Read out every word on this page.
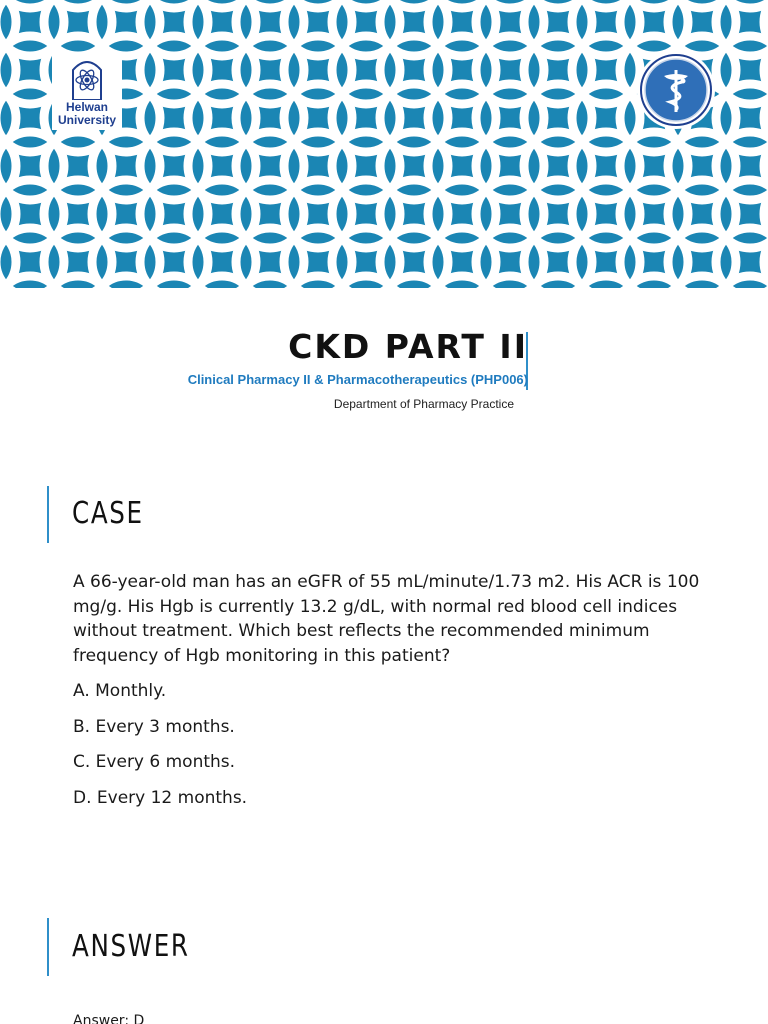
Helwan
University
CKD PART II
Clinical Pharmacy II & Pharmacotherapeutics (PHP006)
Department of Pharmacy Practice
CASE
A 66-year-old man has an eGFR of 55 mL/minute/1.73 m2. His ACR is 100 mg/g. His Hgb is currently 13.2 g/dL, with normal red blood cell indices without treatment. Which best reflects the recommended minimum frequency of Hgb monitoring in this patient?
A. Monthly.
B. Every 3 months.
C. Every 6 months.
D. Every 12 months.
ANSWER
Answer: D
